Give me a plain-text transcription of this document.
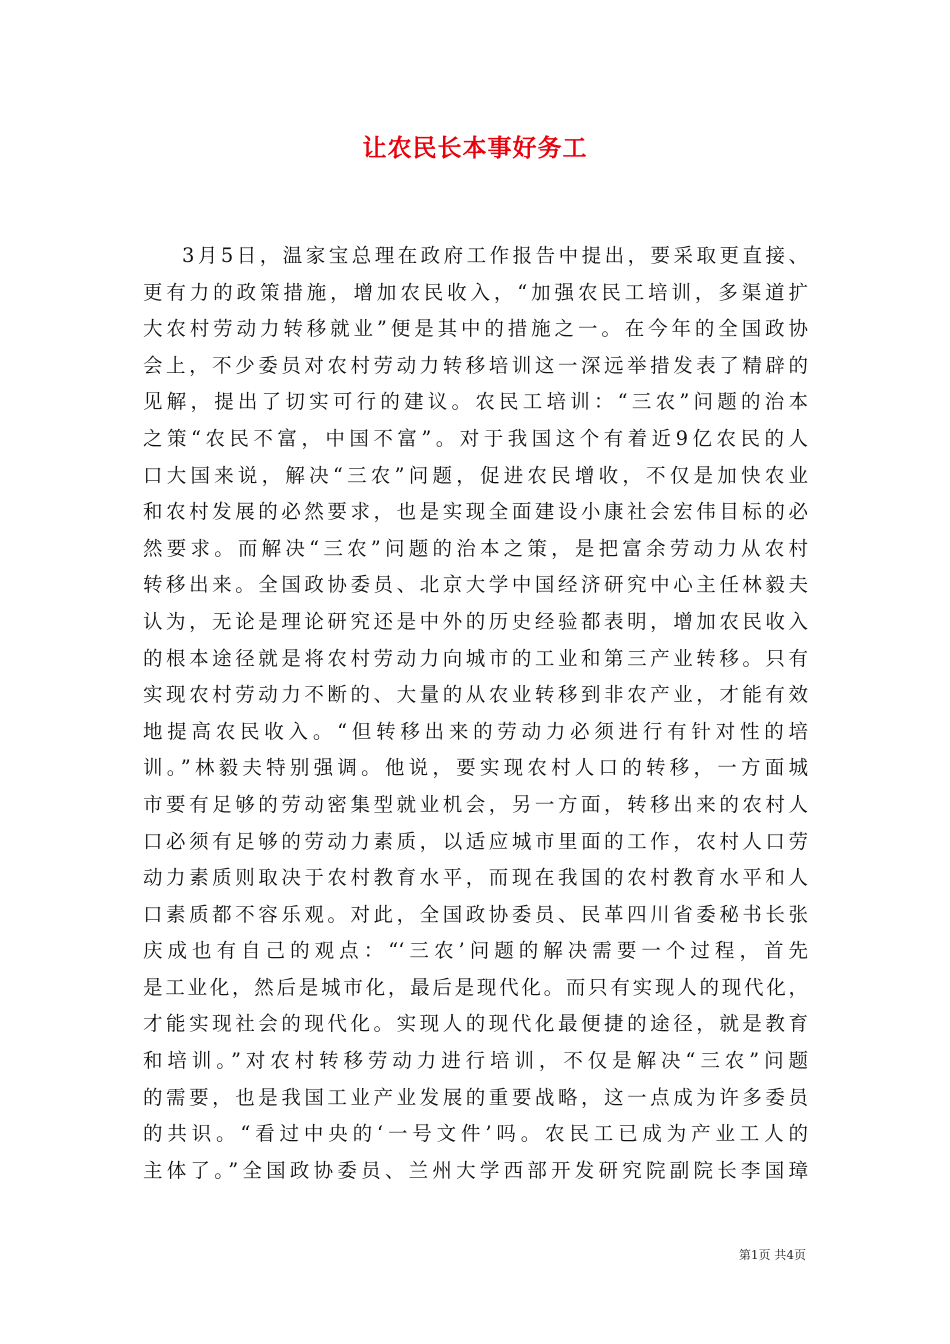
让农民长本事好务工
3月5日，温家宝总理在政府工作报告中提出，要采取更直接、
更有力的政策措施，增加农民收入，“加强农民工培训，多渠道扩
大农村劳动力转移就业”便是其中的措施之一。在今年的全国政协
会上，不少委员对农村劳动力转移培训这一深远举措发表了精辟的
见解，提出了切实可行的建议。农民工培训：“三农”问题的治本
之策“农民不富，中国不富”。对于我国这个有着近9亿农民的人
口大国来说，解决“三农”问题，促进农民增收，不仅是加快农业
和农村发展的必然要求，也是实现全面建设小康社会宏伟目标的必
然要求。而解决“三农”问题的治本之策，是把富余劳动力从农村
转移出来。全国政协委员、北京大学中国经济研究中心主任林毅夫
认为，无论是理论研究还是中外的历史经验都表明，增加农民收入
的根本途径就是将农村劳动力向城市的工业和第三产业转移。只有
实现农村劳动力不断的、大量的从农业转移到非农产业，才能有效
地提高农民收入。“但转移出来的劳动力必须进行有针对性的培
训。”林毅夫特别强调。他说，要实现农村人口的转移，一方面城
市要有足够的劳动密集型就业机会，另一方面，转移出来的农村人
口必须有足够的劳动力素质，以适应城市里面的工作，农村人口劳
动力素质则取决于农村教育水平，而现在我国的农村教育水平和人
口素质都不容乐观。对此，全国政协委员、民革四川省委秘书长张
庆成也有自己的观点：“‘三农’问题的解决需要一个过程，首先
是工业化，然后是城市化，最后是现代化。而只有实现人的现代化，
才能实现社会的现代化。实现人的现代化最便捷的途径，就是教育
和培训。”对农村转移劳动力进行培训，不仅是解决“三农”问题
的需要，也是我国工业产业发展的重要战略，这一点成为许多委员
的共识。“看过中央的‘一号文件’吗。农民工已成为产业工人的
主体了。”全国政协委员、兰州大学西部开发研究院副院长李国璋
第1页 共4页
